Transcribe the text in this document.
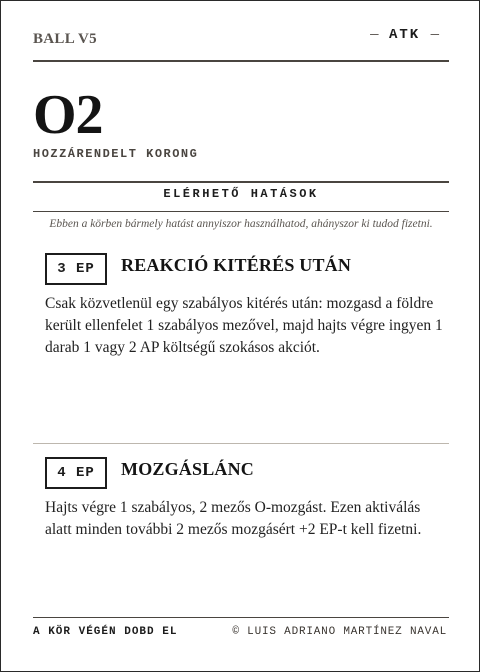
BALL V5	— ATK —
O2
HOZZÁRENDELT KORONG
ELÉRHETŐ HATÁSOK
Ebben a körben bármely hatást annyiszor használhatod, ahányszor ki tudod fizetni.
3 EP	REAKCIÓ KITÉRÉS UTÁN
Csak közvetlenül egy szabályos kitérés után: mozgasd a földre került ellenfelet 1 szabályos mezővel, majd hajts végre ingyen 1 darab 1 vagy 2 AP költségű szokásos akciót.
4 EP	MOZGÁSLÁNC
Hajts végre 1 szabályos, 2 mezős O-mozgást. Ezen aktiválás alatt minden további 2 mezős mozgásért +2 EP-t kell fizetni.
A KÖR VÉGÉN DOBD EL	© LUIS ADRIANO MARTÍNEZ NAVAL
